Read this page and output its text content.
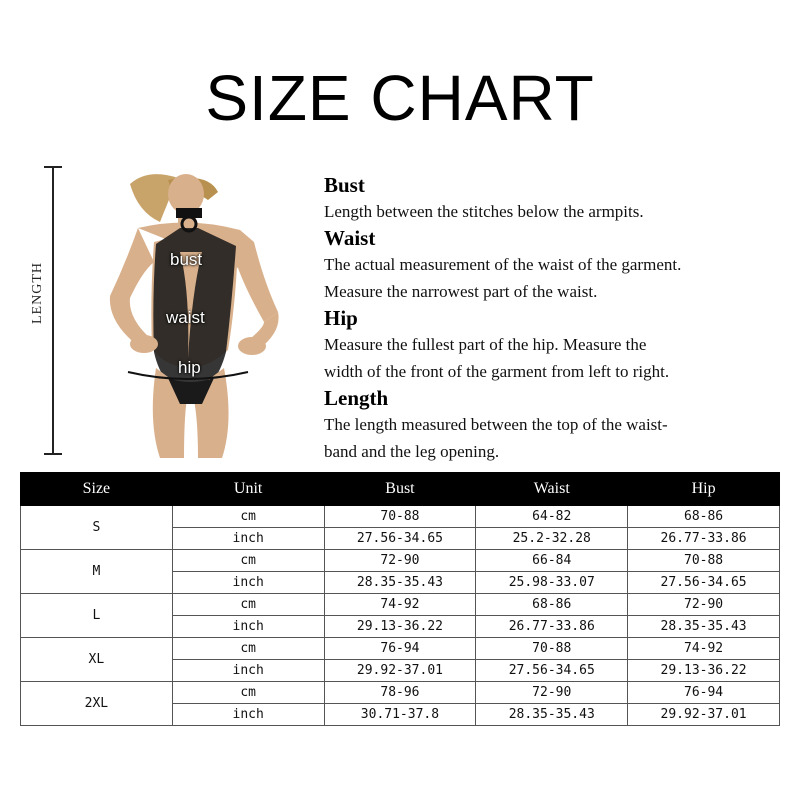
SIZE CHART
LENGTH
bust
waist
hip
Bust
Length between the stitches below the armpits.
Waist
The actual measurement of the waist of the garment.
Measure the narrowest part of the waist.
Hip
Measure the fullest part of the hip. Measure the
width of the front of the garment from left to right.
Length
The length measured between the top of the waist-
band and the leg opening.
Size	Unit	Bust	Waist	Hip
S	cm	70-88	64-82	68-86
	inch	27.56-34.65	25.2-32.28	26.77-33.86
M	cm	72-90	66-84	70-88
	inch	28.35-35.43	25.98-33.07	27.56-34.65
L	cm	74-92	68-86	72-90
	inch	29.13-36.22	26.77-33.86	28.35-35.43
XL	cm	76-94	70-88	74-92
	inch	29.92-37.01	27.56-34.65	29.13-36.22
2XL	cm	78-96	72-90	76-94
	inch	30.71-37.8	28.35-35.43	29.92-37.01
